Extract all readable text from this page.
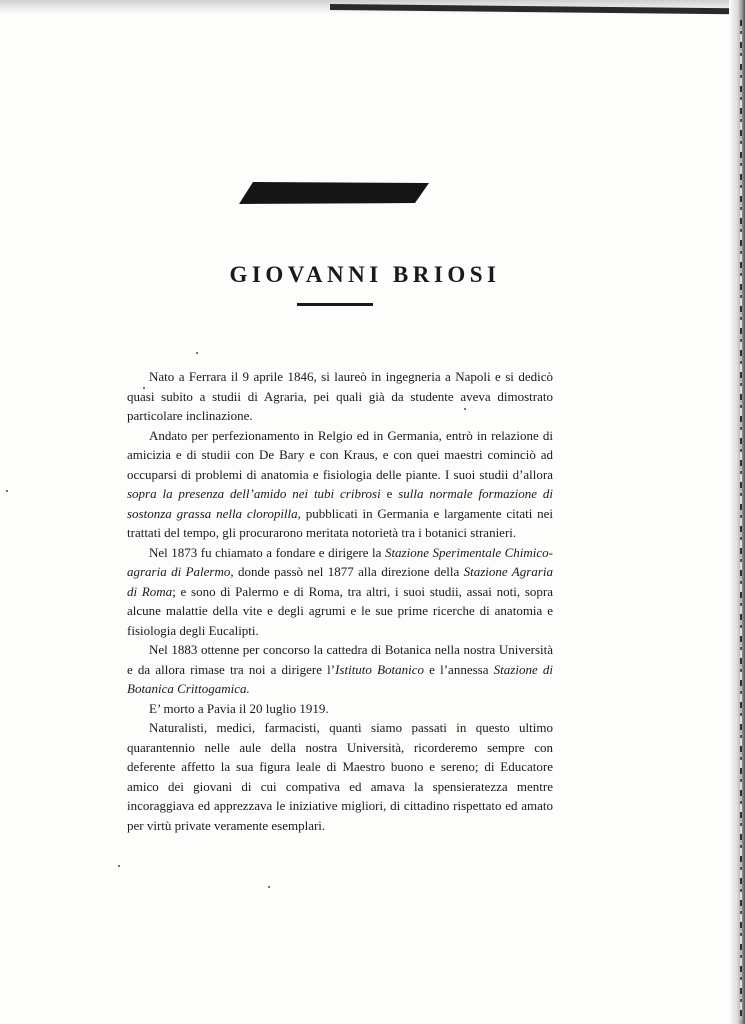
GIOVANNI BRIOSI

Nato a Ferrara il 9 aprile 1846, si laureò in ingegneria a Napoli e si dedicò quasi subito a studii di Agraria, pei quali già da studente aveva dimostrato particolare inclinazione.

Andato per perfezionamento in Relgio ed in Germania, entrò in relazione di amicizia e di studii con De Bary e con Kraus, e con quei maestri cominciò ad occuparsi di problemi di anatomia e fisiologia delle piante. I suoi studii d’allora sopra la presenza dell’amido nei tubi cribrosi e sulla normale formazione di sostonza grassa nella cloropilla, pubblicati in Germania e largamente citati nei trattati del tempo, gli procurarono meritata notorietà tra i botanici stranieri.

Nel 1873 fu chiamato a fondare e dirigere la Stazione Sperimentale Chimico-agraria di Palermo, donde passò nel 1877 alla direzione della Stazione Agraria di Roma; e sono di Palermo e di Roma, tra altri, i suoi studii, assai noti, sopra alcune malattie della vite e degli agrumi e le sue prime ricerche di anatomia e fisiologia degli Eucalipti.

Nel 1883 ottenne per concorso la cattedra di Botanica nella nostra Università e da allora rimase tra noi a dirigere l’Istituto Botanico e l’annessa Stazione di Botanica Crittogamica.

E’ morto a Pavia il 20 luglio 1919.

Naturalisti, medici, farmacisti, quanti siamo passati in questo ultimo quarantennio nelle aule della nostra Università, ricorderemo sempre con deferente affetto la sua figura leale di Maestro buono e sereno; di Educatore amico dei giovani di cui compativa ed amava la spensieratezza mentre incoraggiava ed apprezzava le iniziative migliori, di cittadino rispettato ed amato per virtù private veramente esemplari.
